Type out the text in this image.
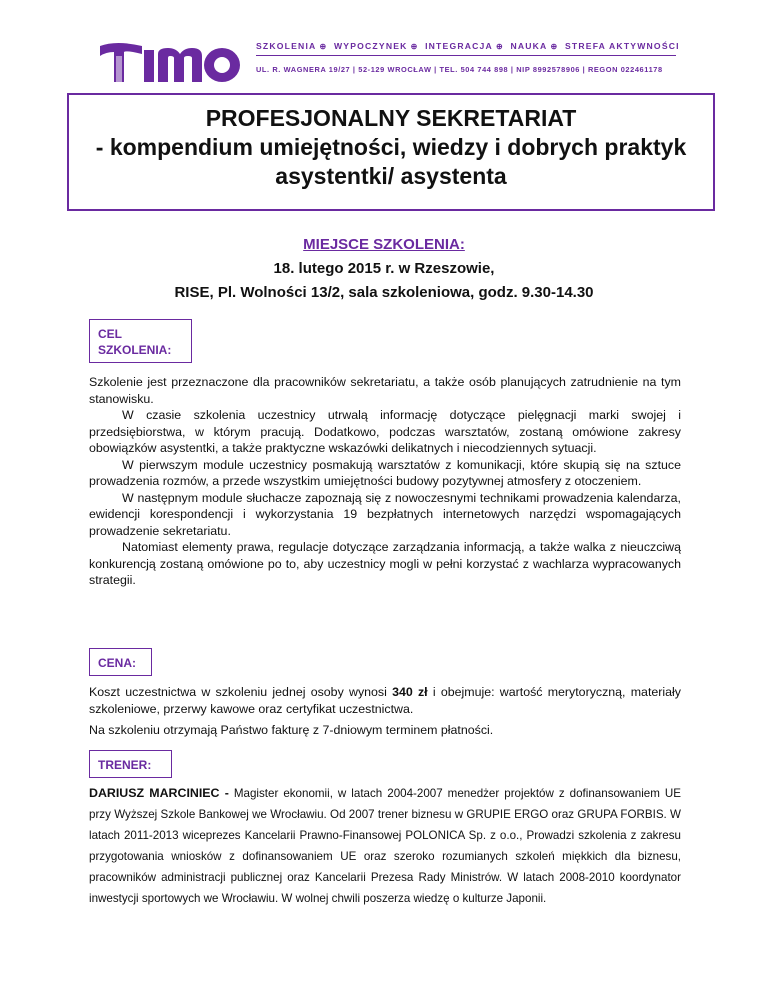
SZKOLENIA ⊕ WYPOCZYNEK ⊕ INTEGRACJA ⊕ NAUKA ⊕ STREFA AKTYWNOŚCI
UL. R. WAGNERA 19/27 | 52-129 WROCŁAW | TEL. 504 744 898 | NIP 8992578906 | REGON 022461178
PROFESJONALNY SEKRETARIAT
- kompendium umiejętności, wiedzy i dobrych praktyk
asystentki/ asystenta
MIEJSCE SZKOLENIA:
18. lutego 2015 r. w Rzeszowie,
RISE, Pl. Wolności 13/2, sala szkoleniowa, godz. 9.30-14.30
CEL
SZKOLENIA:

Szkolenie jest przeznaczone dla pracowników sekretariatu, a także osób planujących zatrudnienie na tym stanowisku.

W czasie szkolenia uczestnicy utrwalą informację dotyczące pielęgnacji marki swojej i przedsiębiorstwa, w którym pracują. Dodatkowo, podczas warsztatów, zostaną omówione zakresy obowiązków asystentki, a także praktyczne wskazówki delikatnych i niecodziennych sytuacji.

W pierwszym module uczestnicy posmakują warsztatów z komunikacji, które skupią się na sztuce prowadzenia rozmów, a przede wszystkim umiejętności budowy pozytywnej atmosfery z otoczeniem.

W następnym module słuchacze zapoznają się z nowoczesnymi technikami prowadzenia kalendarza, ewidencji korespondencji i wykorzystania 19 bezpłatnych internetowych narzędzi wspomagających prowadzenie sekretariatu.

Natomiast elementy prawa, regulacje dotyczące zarządzania informacją, a także walka z nieuczciwą konkurencją zostaną omówione po to, aby uczestnicy mogli w pełni korzystać z wachlarza wypracowanych strategii.

CENA:

Koszt uczestnictwa w szkoleniu jednej osoby wynosi 340 zł i obejmuje: wartość merytoryczną, materiały szkoleniowe, przerwy kawowe oraz certyfikat uczestnictwa.

Na szkoleniu otrzymają Państwo fakturę z 7-dniowym terminem płatności.

TRENER:

DARIUSZ MARCINIEC - Magister ekonomii, w latach 2004-2007 menedżer projektów z dofinansowaniem UE przy Wyższej Szkole Bankowej we Wrocławiu. Od 2007 trener biznesu w GRUPIE ERGO oraz GRUPA FORBIS. W latach 2011-2013 wiceprezes Kancelarii Prawno-Finansowej POLONICA Sp. z o.o., Prowadzi szkolenia z zakresu przygotowania wniosków z dofinansowaniem UE oraz szeroko rozumianych szkoleń miękkich dla biznesu, pracowników administracji publicznej oraz Kancelarii Prezesa Rady Ministrów. W latach 2008-2010 koordynator inwestycji sportowych we Wrocławiu. W wolnej chwili poszerza wiedzę o kulturze Japonii.
